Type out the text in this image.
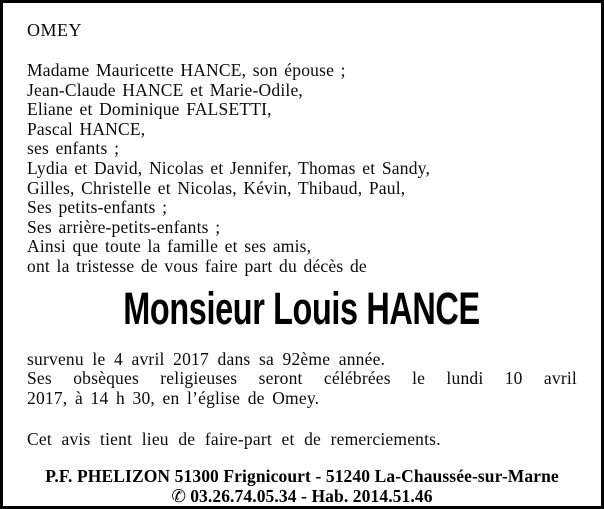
OMEY
Madame Mauricette HANCE, son épouse ;
Jean-Claude HANCE et Marie-Odile,
Eliane et Dominique FALSETTI,
Pascal HANCE,
ses enfants ;
Lydia et David, Nicolas et Jennifer, Thomas et Sandy,
Gilles, Christelle et Nicolas, Kévin, Thibaud, Paul,
Ses petits-enfants ;
Ses arrière-petits-enfants ;
Ainsi que toute la famille et ses amis,
ont la tristesse de vous faire part du décès de
Monsieur Louis HANCE
survenu le 4 avril 2017 dans sa 92ème année.
Ses obsèques religieuses seront célébrées le lundi 10 avril
2017, à 14 h 30, en l’église de Omey.
Cet avis tient lieu de faire-part et de remerciements.
P.F. PHELIZON 51300 Frignicourt - 51240 La-Chaussée-sur-Marne
✆ 03.26.74.05.34 - Hab. 2014.51.46
